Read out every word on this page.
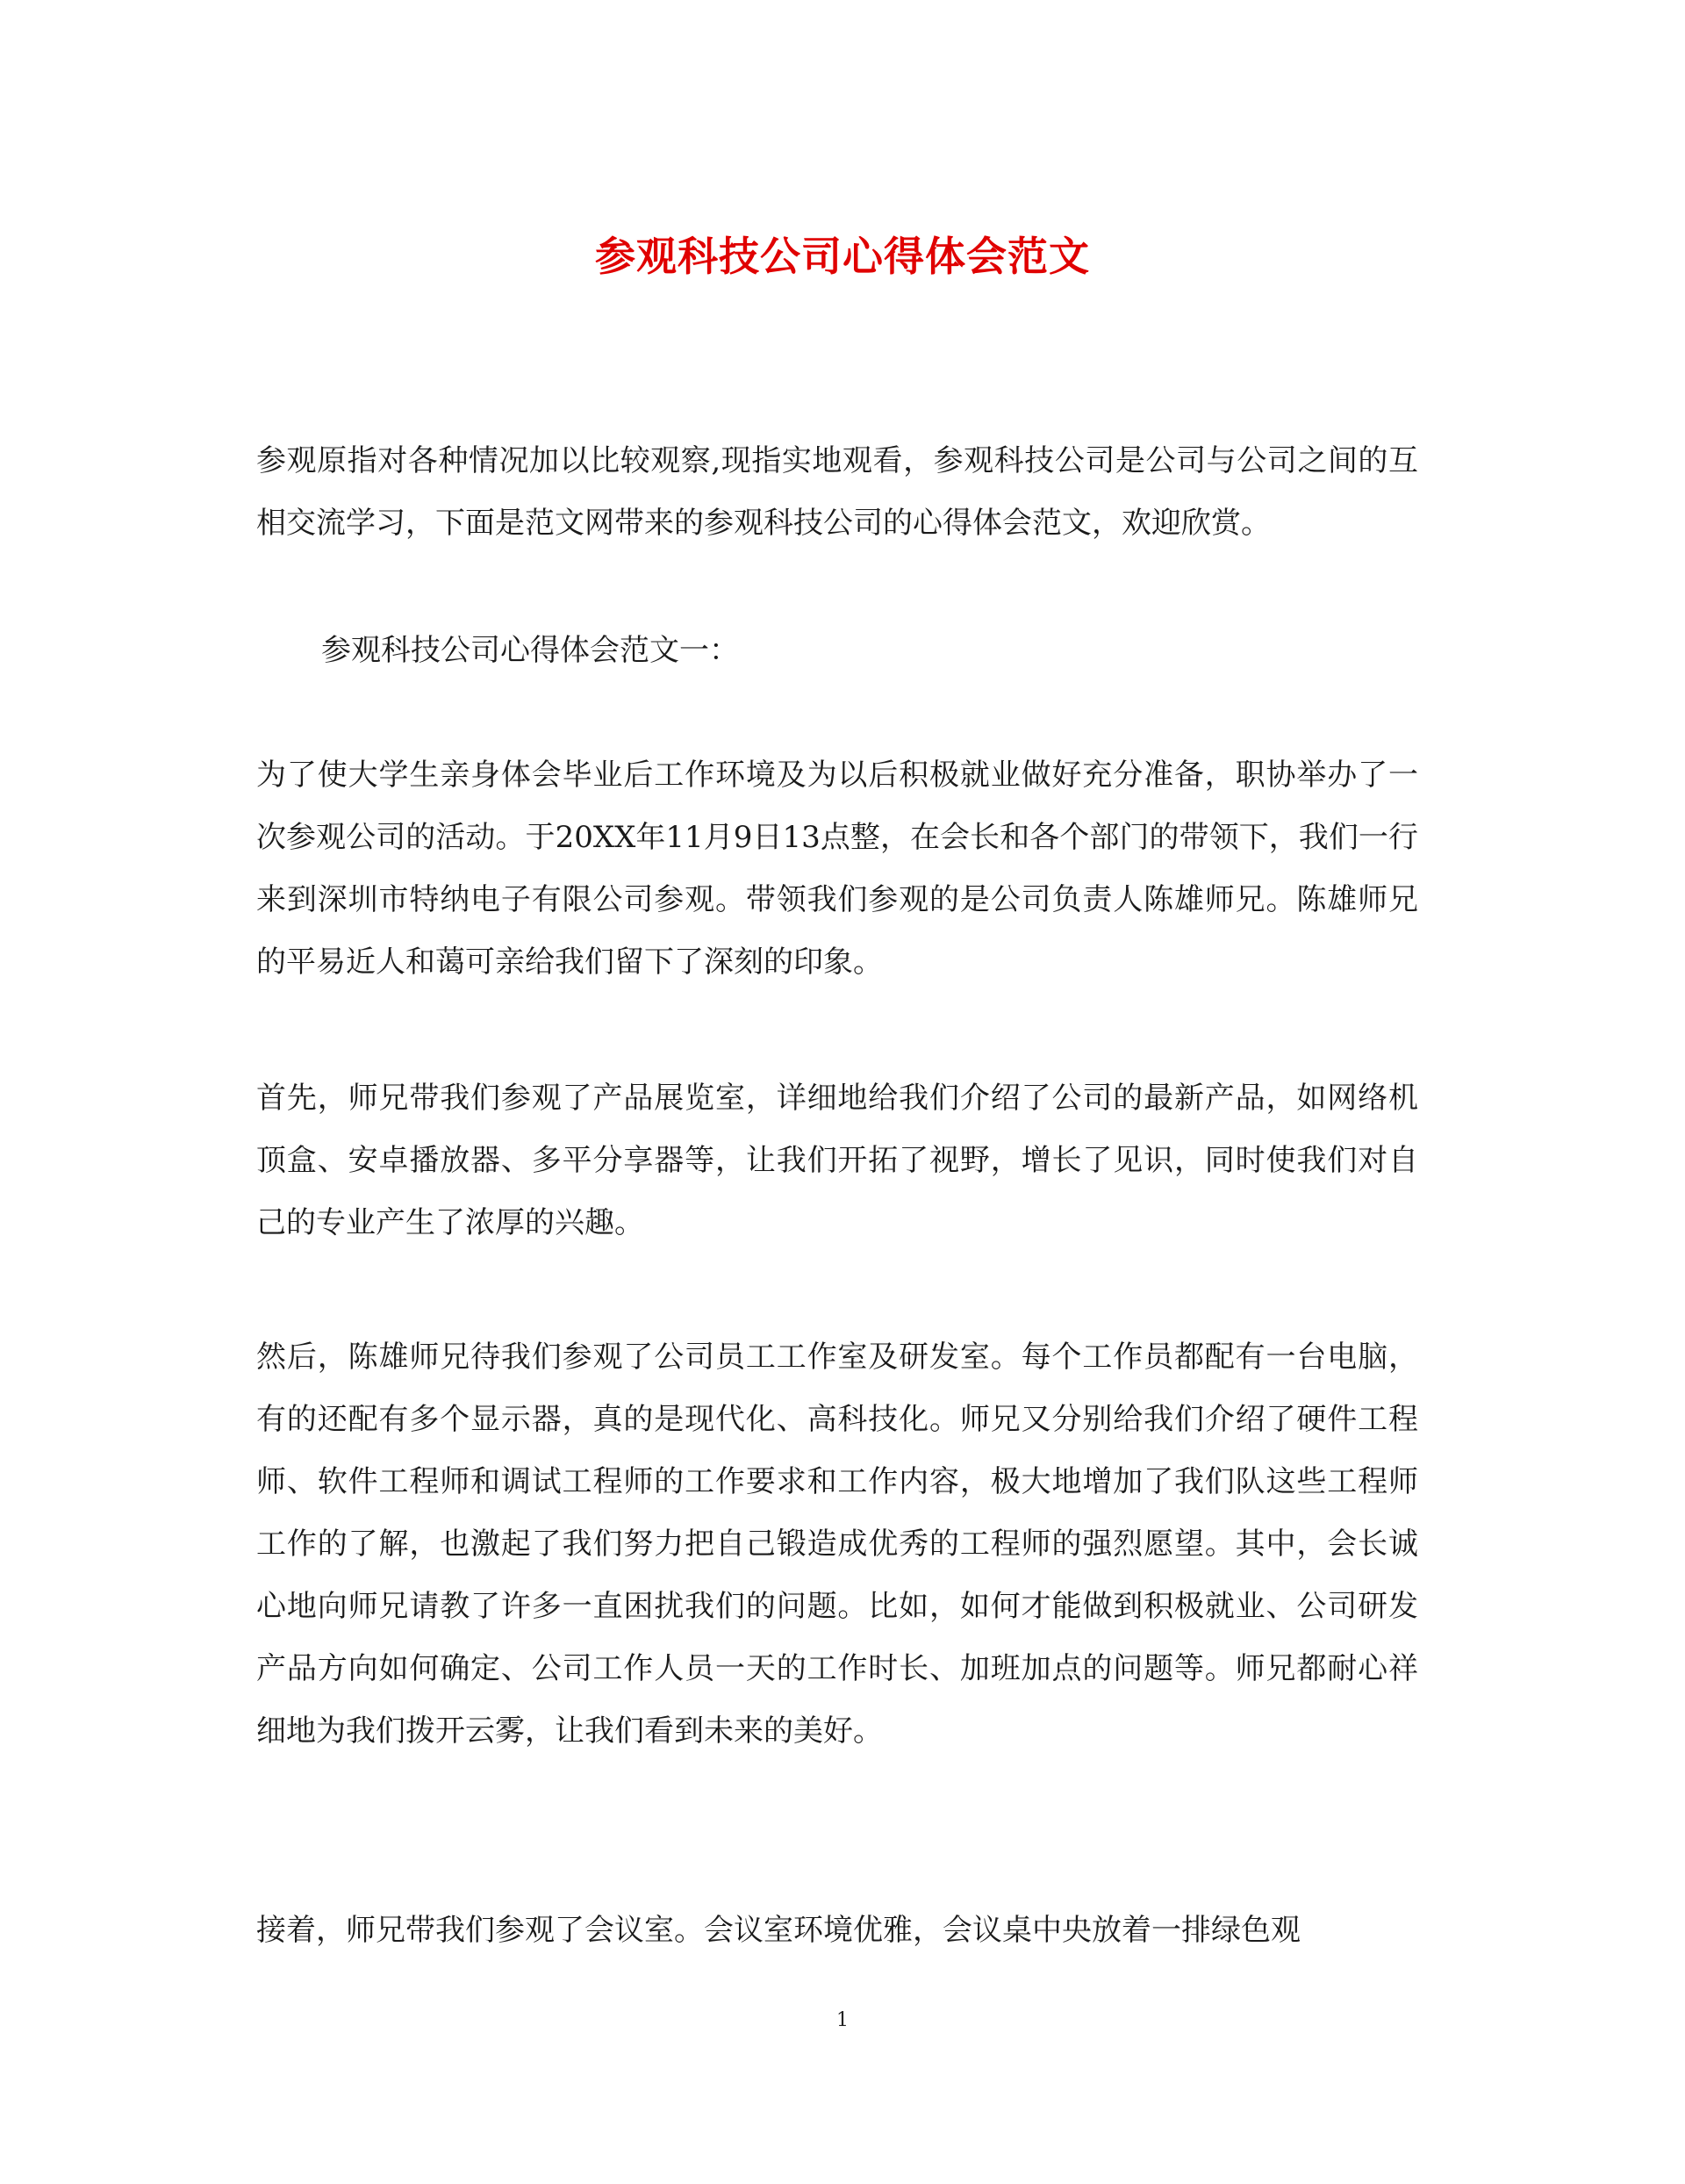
参观科技公司心得体会范文
参观原指对各种情况加以比较观察,现指实地观看，参观科技公司是公司与公司之间的互相交流学习，下面是范文网带来的参观科技公司的心得体会范文，欢迎欣赏。
参观科技公司心得体会范文一：
为了使大学生亲身体会毕业后工作环境及为以后积极就业做好充分准备，职协举办了一次参观公司的活动。于20XX年11月9日13点整，在会长和各个部门的带领下，我们一行来到深圳市特纳电子有限公司参观。带领我们参观的是公司负责人陈雄师兄。陈雄师兄的平易近人和蔼可亲给我们留下了深刻的印象。
首先，师兄带我们参观了产品展览室，详细地给我们介绍了公司的最新产品，如网络机顶盒、安卓播放器、多平分享器等，让我们开拓了视野，增长了见识，同时使我们对自己的专业产生了浓厚的兴趣。
然后，陈雄师兄待我们参观了公司员工工作室及研发室。每个工作员都配有一台电脑，有的还配有多个显示器，真的是现代化、高科技化。师兄又分别给我们介绍了硬件工程师、软件工程师和调试工程师的工作要求和工作内容，极大地增加了我们队这些工程师工作的了解，也激起了我们努力把自己锻造成优秀的工程师的强烈愿望。其中，会长诚心地向师兄请教了许多一直困扰我们的问题。比如，如何才能做到积极就业、公司研发产品方向如何确定、公司工作人员一天的工作时长、加班加点的问题等。师兄都耐心祥细地为我们拨开云雾，让我们看到未来的美好。
接着，师兄带我们参观了会议室。会议室环境优雅，会议桌中央放着一排绿色观
1
